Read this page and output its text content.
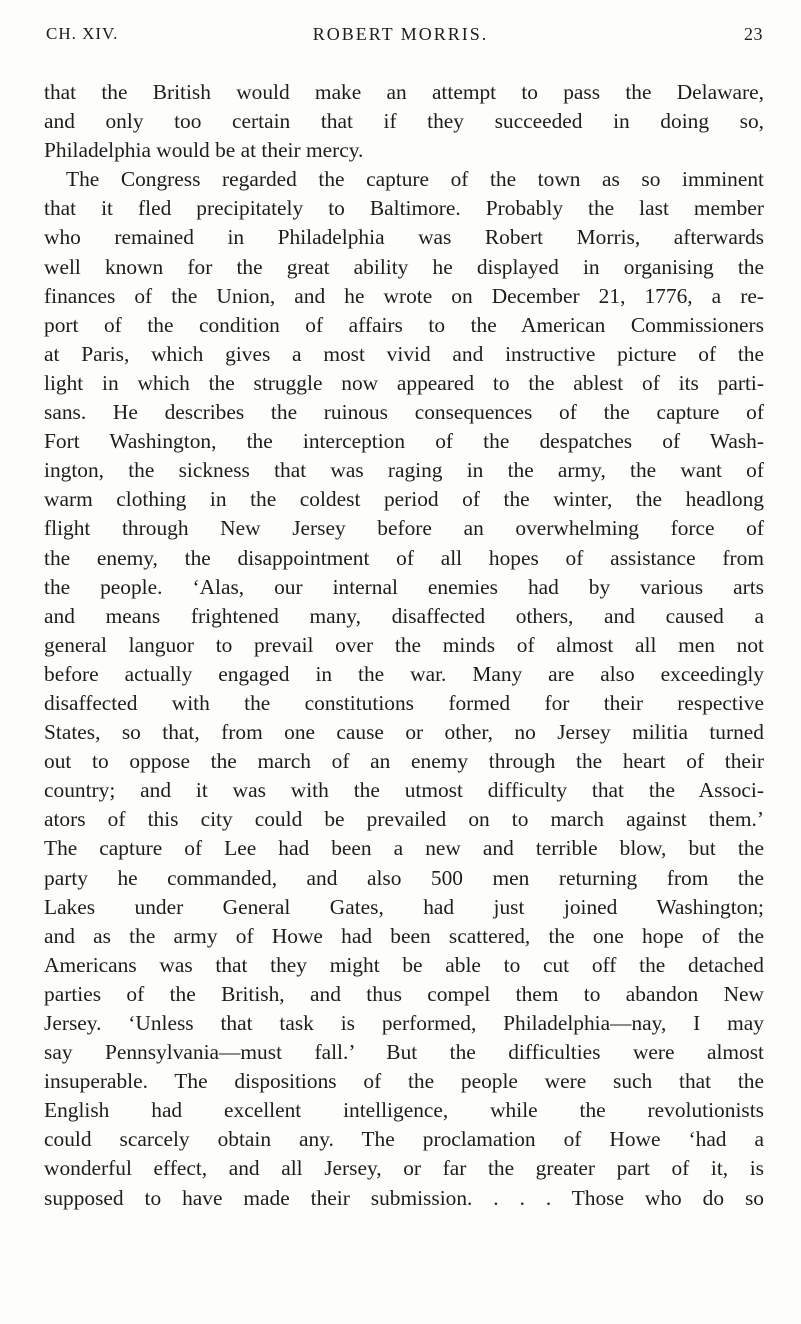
CH. XIV.	ROBERT MORRIS.	23
that the British would make an attempt to pass the Delaware,
and only too certain that if they succeeded in doing so,
Philadelphia would be at their mercy.
The Congress regarded the capture of the town as so imminent
that it fled precipitately to Baltimore. Probably the last member
who remained in Philadelphia was Robert Morris, afterwards
well known for the great ability he displayed in organising the
finances of the Union, and he wrote on December 21, 1776, a re-
port of the condition of affairs to the American Commissioners
at Paris, which gives a most vivid and instructive picture of the
light in which the struggle now appeared to the ablest of its parti-
sans. He describes the ruinous consequences of the capture of
Fort Washington, the interception of the despatches of Wash-
ington, the sickness that was raging in the army, the want of
warm clothing in the coldest period of the winter, the headlong
flight through New Jersey before an overwhelming force of
the enemy, the disappointment of all hopes of assistance from
the people. ‘Alas, our internal enemies had by various arts
and means frightened many, disaffected others, and caused a
general languor to prevail over the minds of almost all men not
before actually engaged in the war. Many are also exceedingly
disaffected with the constitutions formed for their respective
States, so that, from one cause or other, no Jersey militia turned
out to oppose the march of an enemy through the heart of their
country; and it was with the utmost difficulty that the Associ-
ators of this city could be prevailed on to march against them.’
The capture of Lee had been a new and terrible blow, but the
party he commanded, and also 500 men returning from the
Lakes under General Gates, had just joined Washington;
and as the army of Howe had been scattered, the one hope of the
Americans was that they might be able to cut off the detached
parties of the British, and thus compel them to abandon New
Jersey. ‘Unless that task is performed, Philadelphia—nay, I may
say Pennsylvania—must fall.’ But the difficulties were almost
insuperable. The dispositions of the people were such that the
English had excellent intelligence, while the revolutionists
could scarcely obtain any. The proclamation of Howe ‘had a
wonderful effect, and all Jersey, or far the greater part of it, is
supposed to have made their submission. . . . Those who do so
